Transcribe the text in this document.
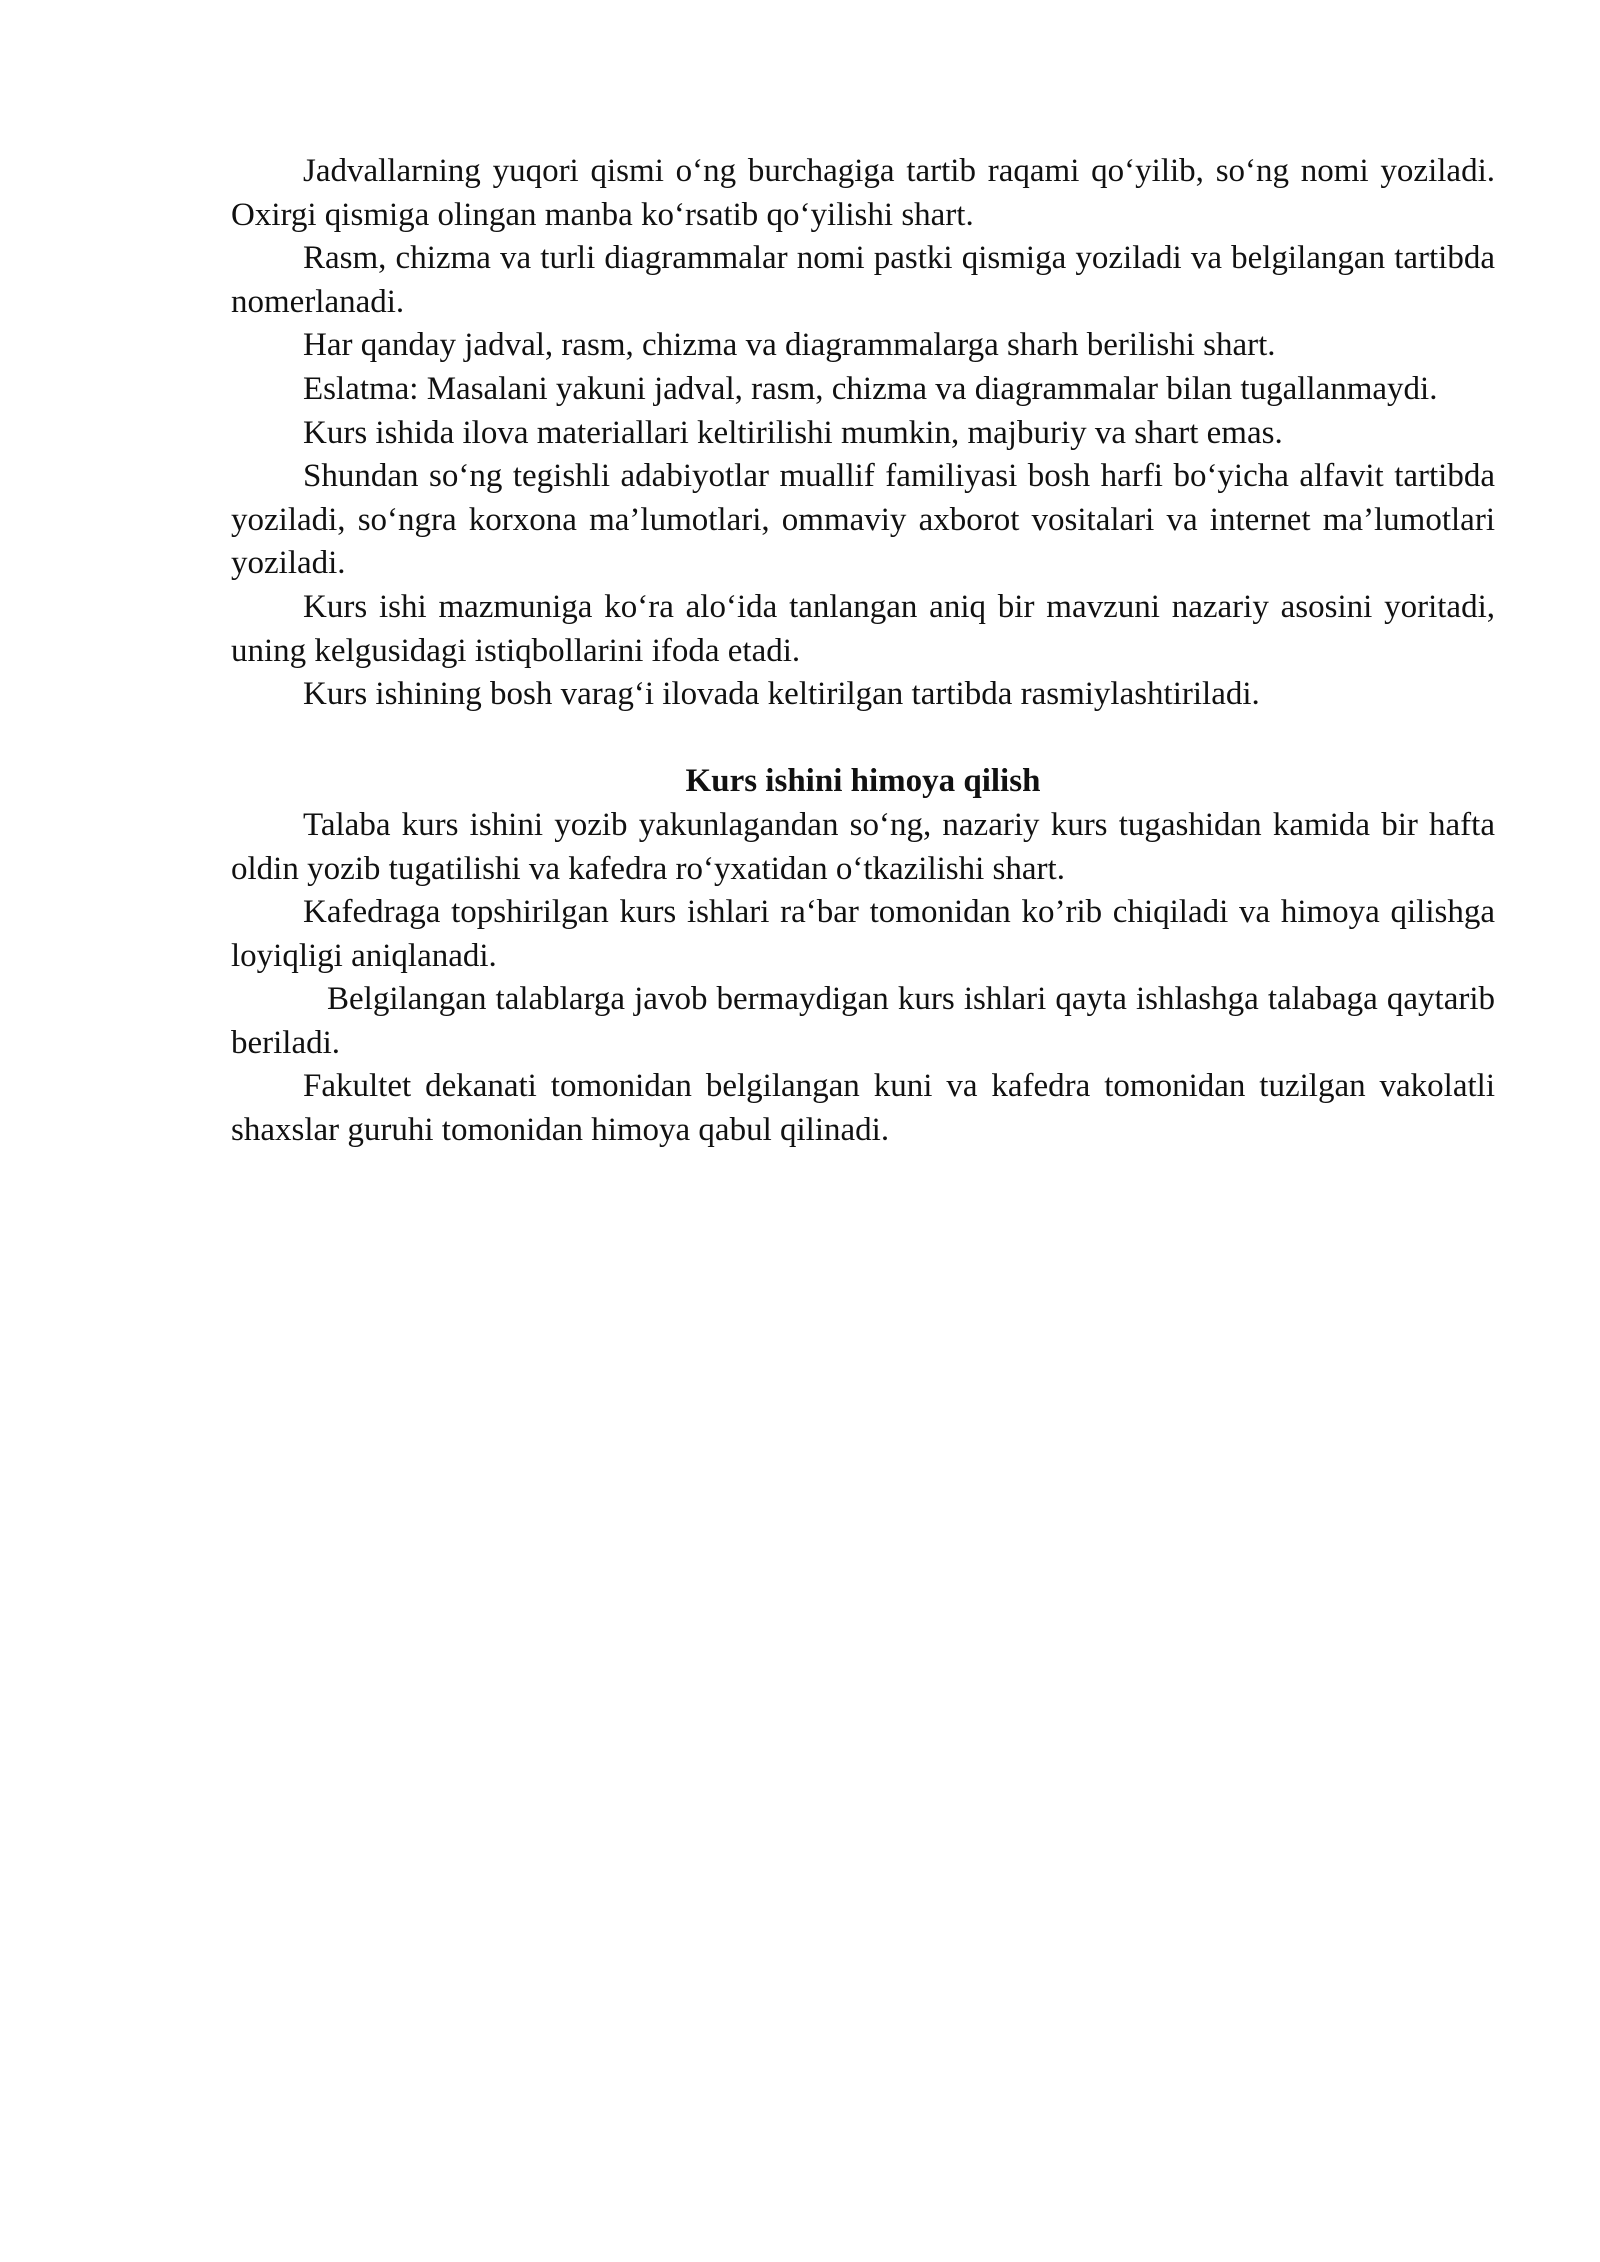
Jadvallarning yuqori qismi o‘ng burchagiga tartib raqami qo‘yilib, so‘ng nomi yoziladi. Oxirgi qismiga olingan manba ko‘rsatib qo‘yilishi shart.

Rasm, chizma va turli diagrammalar nomi pastki qismiga yoziladi va belgilangan tartibda nomerlanadi.

Har qanday jadval, rasm, chizma va diagrammalarga sharh berilishi shart.

Eslatma: Masalani yakuni jadval, rasm, chizma va diagrammalar bilan tugallanmaydi.

Kurs ishida ilova materiallari keltirilishi mumkin, majburiy va shart emas.

Shundan so‘ng tegishli adabiyotlar muallif familiyasi bosh harfi bo‘yicha alfavit tartibda yoziladi, so‘ngra korxona ma’lumotlari, ommaviy axborot vositalari va internet ma’lumotlari yoziladi.

Kurs ishi mazmuniga ko‘ra alo‘ida tanlangan aniq bir mavzuni nazariy asosini yoritadi, uning kelgusidagi istiqbollarini ifoda etadi.

Kurs ishining bosh varag‘i ilovada keltirilgan tartibda rasmiylashtiriladi.

Kurs ishini himoya qilish

Talaba kurs ishini yozib yakunlagandan so‘ng, nazariy kurs tugashidan kamida bir hafta oldin yozib tugatilishi va kafedra ro‘yxatidan o‘tkazilishi shart.

Kafedraga topshirilgan kurs ishlari ra‘bar tomonidan ko’rib chiqiladi va himoya qilishga loyiqligi aniqlanadi.

Belgilangan talablarga javob bermaydigan kurs ishlari qayta ishlashga talabaga qaytarib beriladi.

Fakultet dekanati tomonidan belgilangan kuni va kafedra tomonidan tuzilgan vakolatli shaxslar guruhi tomonidan himoya qabul qilinadi.
